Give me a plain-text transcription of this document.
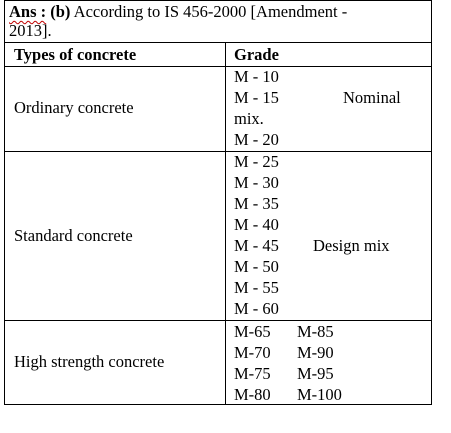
Ans : (b) According to IS 456-2000 [Amendment -
2013].
Types of concrete	Grade
Ordinary concrete
M - 10
M - 15	Nominal
mix.
M - 20
Standard concrete
M - 25
M - 30
M - 35
M - 40
M - 45 Design mix
M - 50
M - 55
M - 60
High strength concrete
M-65
M-70
M-75
M-80
M-85
M-90
M-95
M-100
